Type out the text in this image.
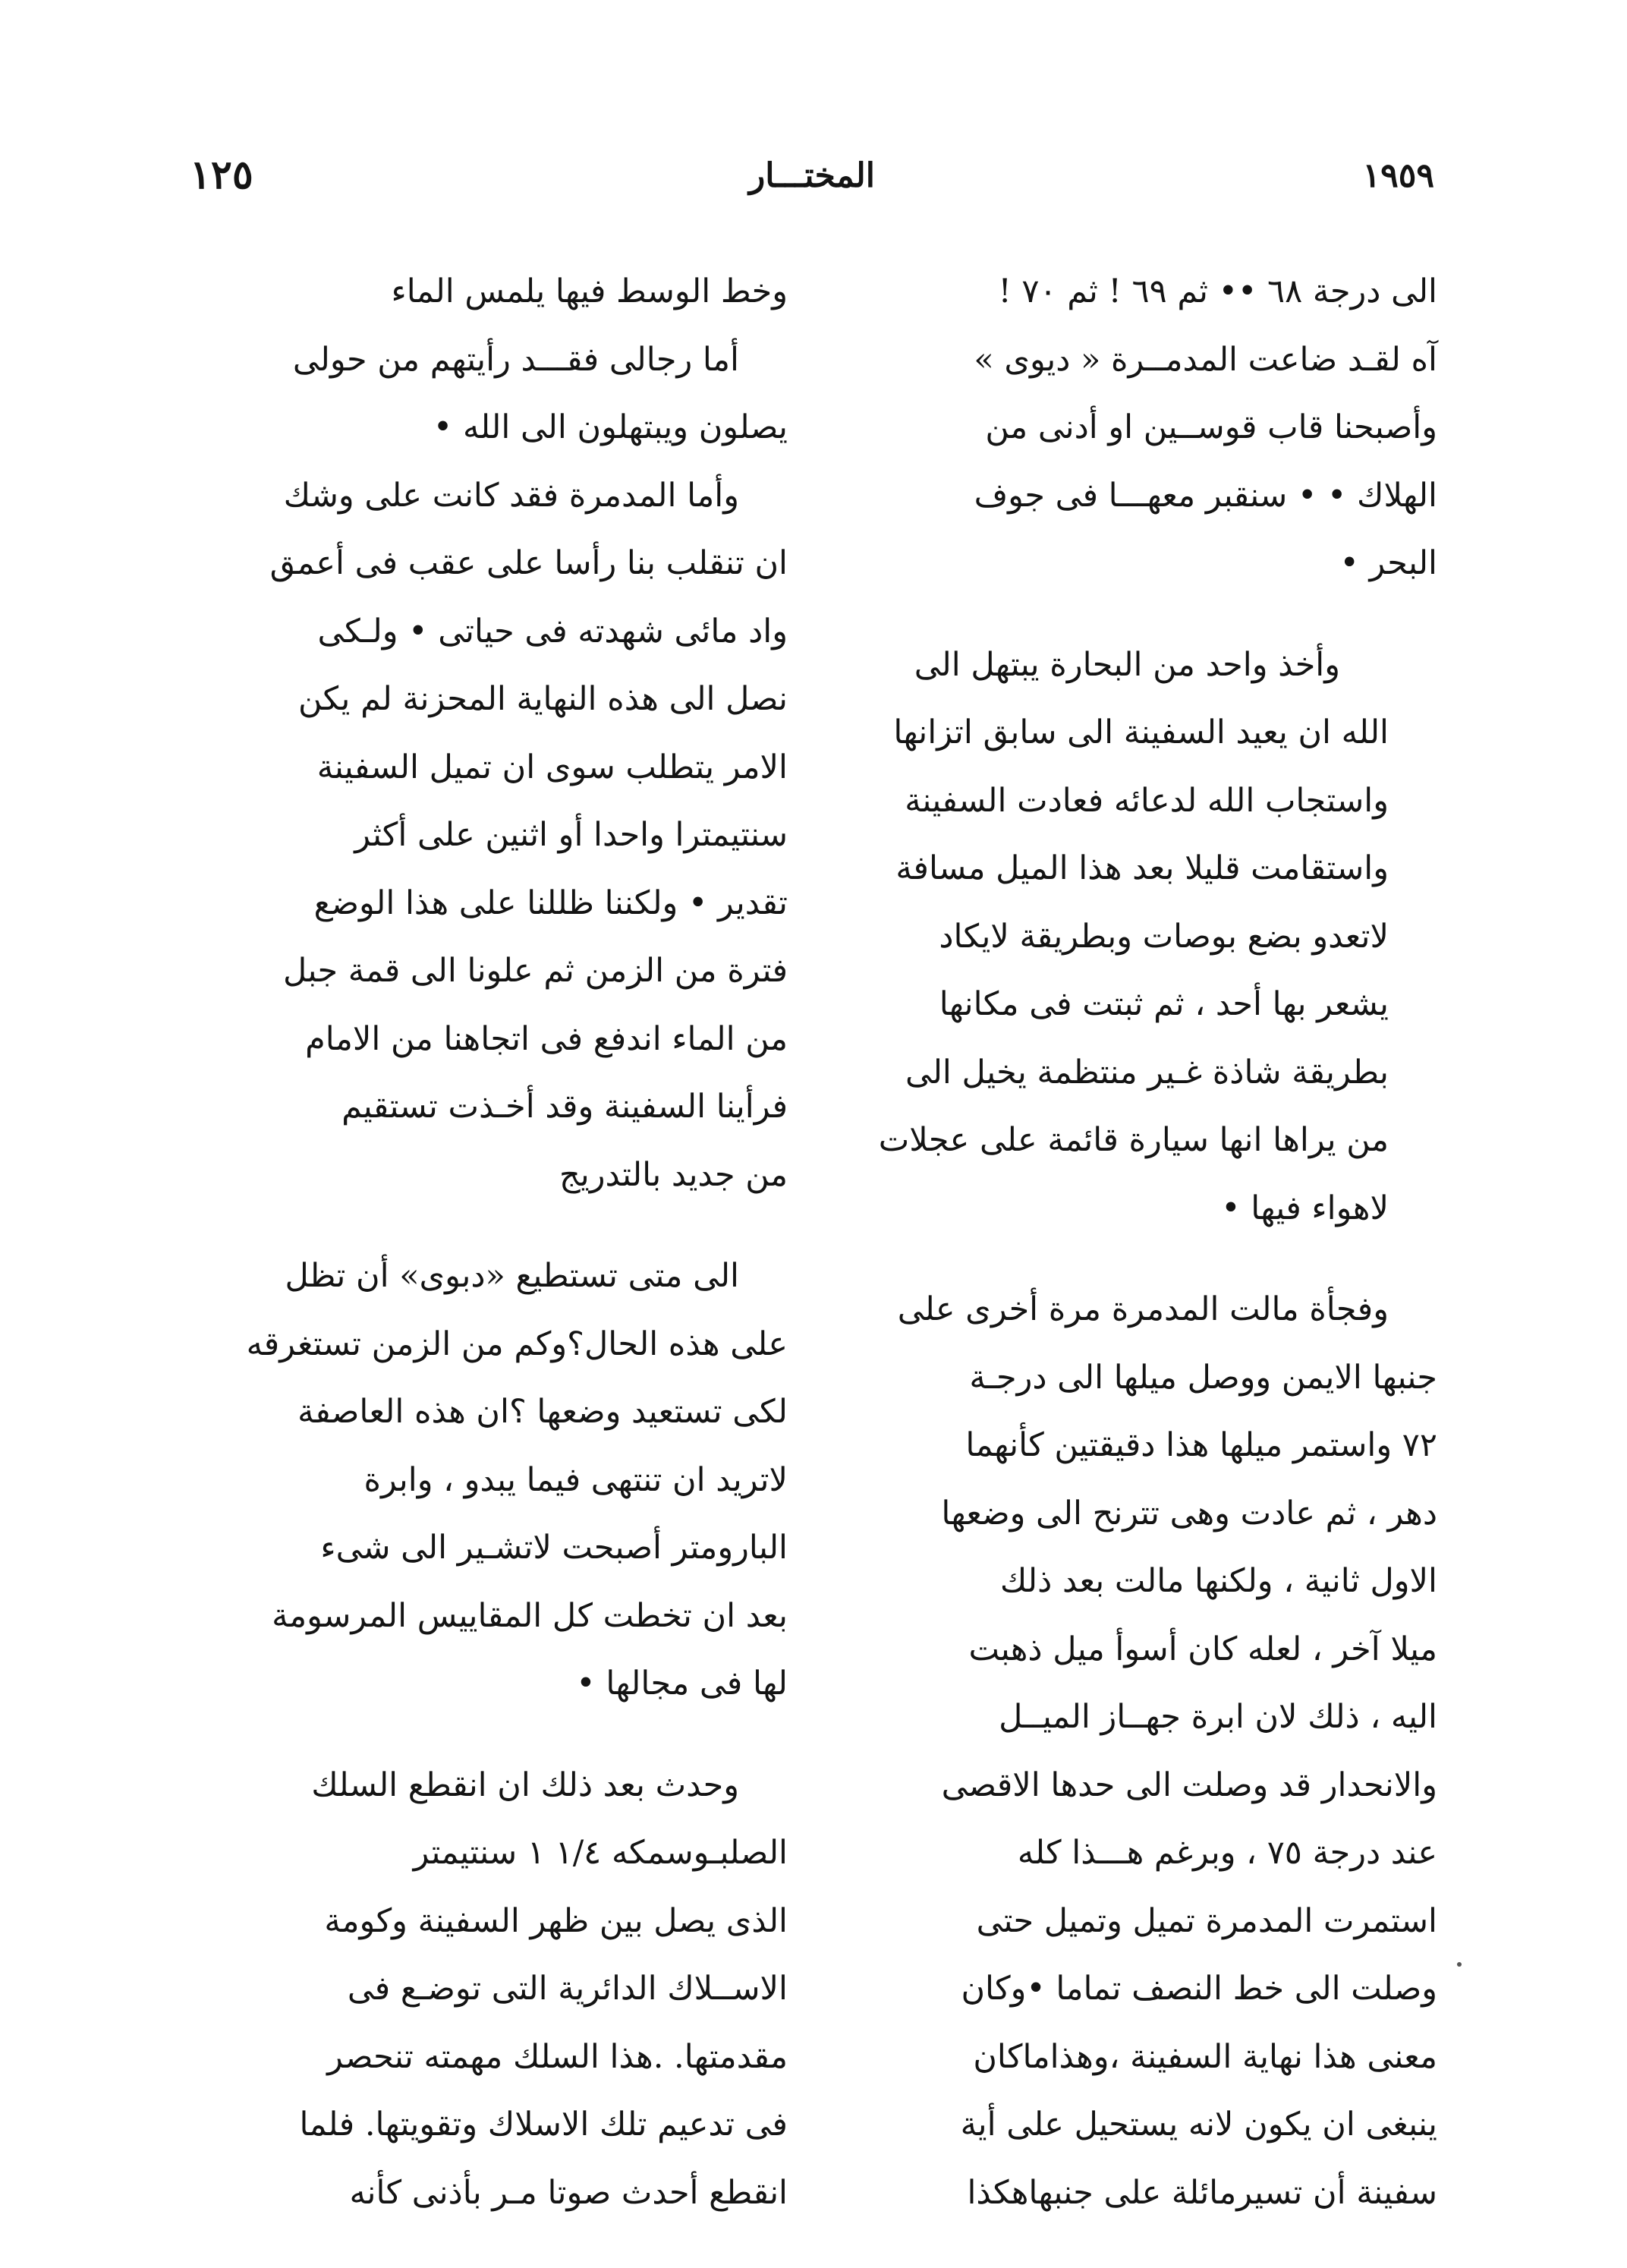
١٩٥٩
المختـــار
١٢٥

الى درجة ٦٨ •• ثم ٦٩ ! ثم ٧٠ !
آه لقـد ضاعت المدمــرة « ديوى »
وأصبحنا قاب قوســين او أدنى من
الهلاك • • سنقبر معهـــا فى جوف
البحر •

وأخذ واحد من البحارة يبتهل الى
الله ان يعيد السفينة الى سابق اتزانها
واستجاب الله لدعائه فعادت السفينة
واستقامت قليلا بعد هذا الميل مسافة
لاتعدو بضع بوصات وبطريقة لايكاد
يشعر بها أحد ، ثم ثبتت فى مكانها
بطريقة شاذة غـير منتظمة يخيل الى
من يراها انها سيارة قائمة على عجلات
لاهواء فيها •

وفجأة مالت المدمرة مرة أخرى على
جنبها الايمن ووصل ميلها الى درجـة
٧٢ واستمر ميلها هذا دقيقتين كأنهما
دهر ، ثم عادت وهى تترنح الى وضعها
الاول ثانية ، ولكنها مالت بعد ذلك
ميلا آخر ، لعله كان أسوأ ميل ذهبت
اليه ، ذلك لان ابرة جهــاز الميــل
والانحدار قد وصلت الى حدها الاقصى
عند درجة ٧٥ ، وبرغم هـــذا كله
استمرت المدمرة تميل وتميل حتى
وصلت الى خط النصف تماما •وكان
معنى هذا نهاية السفينة ،وهذاماكان
ينبغى ان يكون لانه يستحيل على أية
سفينة أن تسيرمائلة على جنبهاهكذا

وخط الوسط فيها يلمس الماء

أما رجالى فقـــد رأيتهم من حولى
يصلون ويبتهلون الى الله •

وأما المدمرة فقد كانت على وشك
ان تنقلب بنا رأسا على عقب فى أعمق
واد مائى شهدته فى حياتى • ولـكى
نصل الى هذه النهاية المحزنة لم يكن
الامر يتطلب سوى ان تميل السفينة
سنتيمترا واحدا أو اثنين على أكثر
تقدير • ولكننا ظللنا على هذا الوضع
فترة من الزمن ثم علونا الى قمة جبل
من الماء اندفع فى اتجاهنا من الامام
فرأينا السفينة وقد أخـذت تستقيم
من جديد بالتدريج

الى متى تستطيع «دبوى» أن تظل
على هذه الحال؟وكم من الزمن تستغرقه
لكى تستعيد وضعها ؟ان هذه العاصفة
لاتريد ان تنتهى فيما يبدو ، وابرة
البارومتر أصبحت لاتشـير الى شىء
بعد ان تخطت كل المقاييس المرسومة
لها فى مجالها •

وحدث بعد ذلك ان انقطع السلك
الصلبـوسمكه ١/٤ ١ سنتيمتر
الذى يصل بين ظهر السفينة وكومة
الاســلاك الدائرية التى توضـع فى
مقدمتها. .هذا السلك مهمته تنحصر
فى تدعيم تلك الاسلاك وتقويتها. فلما
انقطع أحدث صوتا مـر بأذنى كأنه
